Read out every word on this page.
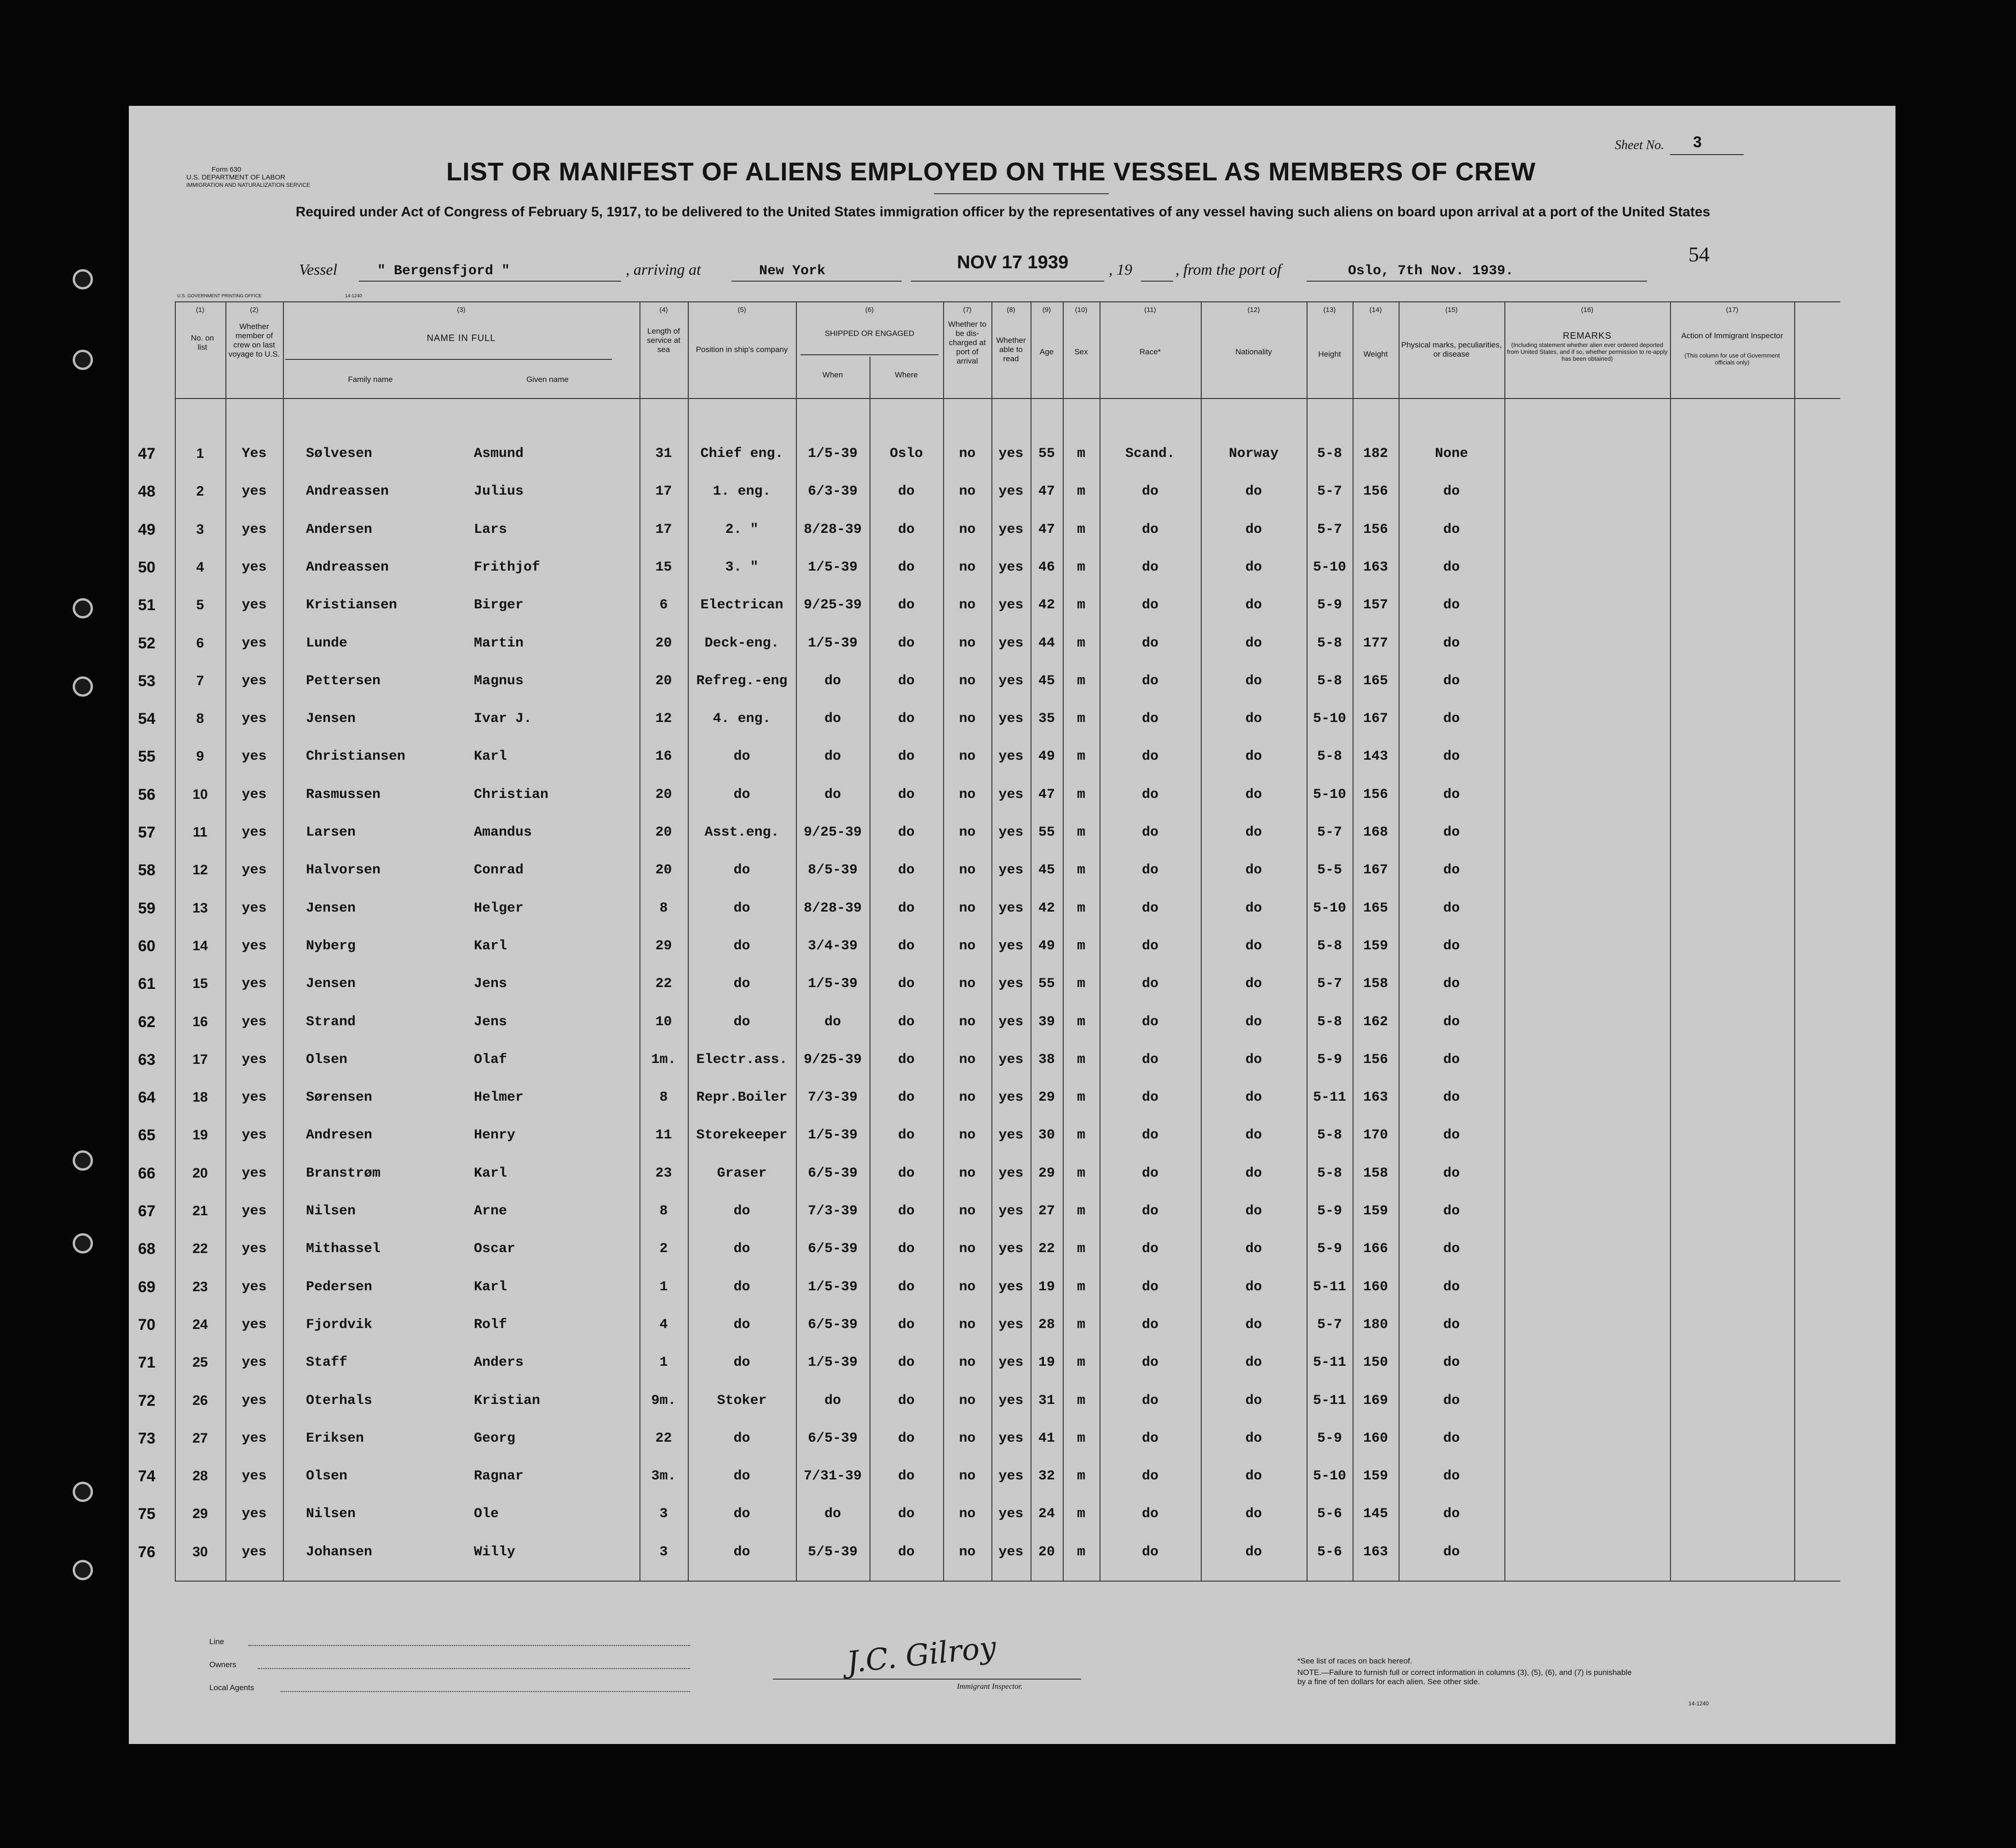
Form 630
U.S. DEPARTMENT OF LABOR
IMMIGRATION AND NATURALIZATION SERVICE
Sheet No. 3
LIST OR MANIFEST OF ALIENS EMPLOYED ON THE VESSEL AS MEMBERS OF CREW
Required under Act of Congress of February 5, 1917, to be delivered to the United States immigration officer by the representatives of any vessel having such aliens on board upon arrival at a port of the United States
54
Vessel	" Bergensfjord "	, arriving at	New York	NOV 17 1939	, 19	, from the port of	Oslo, 7th Nov. 1939.
U.S. GOVERNMENT PRINTING OFFICE	14-1240
(1)	(2)	(3)	(4)	(5)	(6)	(7)	(8)	(9)	(10)	(11)	(12)	(13)	(14)	(15)	(16)	(17)
No. on list
Whether member of crew on last voyage to U.S.
NAME IN FULL
Family name	Given name
Length of service at sea	Position in ship's company
SHIPPED OR ENGAGED
When	Where
Whether to be dis-charged at port of arrival
Whether able to read
Age	Sex	Race*	Nationality	Height	Weight
Physical marks, peculiarities, or disease
REMARKS
(Including statement whether alien ever ordered deported from United States, and if so, whether permission to re-apply has been obtained)
Action of Immigrant Inspector
(This column for use of Government officials only)
47	1	Yes	Sølvesen	Asmund	31	Chief eng.	1/5-39	Oslo	no	yes	55	m	Scand.	Norway	5-8	182	None
48	2	yes	Andreassen	Julius	17	1. eng.	6/3-39	do	no	yes	47	m	do	do	5-7	156	do
49	3	yes	Andersen	Lars	17	2. "	8/28-39	do	no	yes	47	m	do	do	5-7	156	do
50	4	yes	Andreassen	Frithjof	15	3. "	1/5-39	do	no	yes	46	m	do	do	5-10	163	do
51	5	yes	Kristiansen	Birger	6	Electrican	9/25-39	do	no	yes	42	m	do	do	5-9	157	do
52	6	yes	Lunde	Martin	20	Deck-eng.	1/5-39	do	no	yes	44	m	do	do	5-8	177	do
53	7	yes	Pettersen	Magnus	20	Refreg.-eng	do	do	no	yes	45	m	do	do	5-8	165	do
54	8	yes	Jensen	Ivar J.	12	4. eng.	do	do	no	yes	35	m	do	do	5-10	167	do
55	9	yes	Christiansen	Karl	16	do	do	do	no	yes	49	m	do	do	5-8	143	do
56	10	yes	Rasmussen	Christian	20	do	do	do	no	yes	47	m	do	do	5-10	156	do
57	11	yes	Larsen	Amandus	20	Asst.eng.	9/25-39	do	no	yes	55	m	do	do	5-7	168	do
58	12	yes	Halvorsen	Conrad	20	do	8/5-39	do	no	yes	45	m	do	do	5-5	167	do
59	13	yes	Jensen	Helger	8	do	8/28-39	do	no	yes	42	m	do	do	5-10	165	do
60	14	yes	Nyberg	Karl	29	do	3/4-39	do	no	yes	49	m	do	do	5-8	159	do
61	15	yes	Jensen	Jens	22	do	1/5-39	do	no	yes	55	m	do	do	5-7	158	do
62	16	yes	Strand	Jens	10	do	do	do	no	yes	39	m	do	do	5-8	162	do
63	17	yes	Olsen	Olaf	1m.	Electr.ass.	9/25-39	do	no	yes	38	m	do	do	5-9	156	do
64	18	yes	Sørensen	Helmer	8	Repr.Boiler	7/3-39	do	no	yes	29	m	do	do	5-11	163	do
65	19	yes	Andresen	Henry	11	Storekeeper	1/5-39	do	no	yes	30	m	do	do	5-8	170	do
66	20	yes	Branstrøm	Karl	23	Graser	6/5-39	do	no	yes	29	m	do	do	5-8	158	do
67	21	yes	Nilsen	Arne	8	do	7/3-39	do	no	yes	27	m	do	do	5-9	159	do
68	22	yes	Mithassel	Oscar	2	do	6/5-39	do	no	yes	22	m	do	do	5-9	166	do
69	23	yes	Pedersen	Karl	1	do	1/5-39	do	no	yes	19	m	do	do	5-11	160	do
70	24	yes	Fjordvik	Rolf	4	do	6/5-39	do	no	yes	28	m	do	do	5-7	180	do
71	25	yes	Staff	Anders	1	do	1/5-39	do	no	yes	19	m	do	do	5-11	150	do
72	26	yes	Oterhals	Kristian	9m.	Stoker	do	do	no	yes	31	m	do	do	5-11	169	do
73	27	yes	Eriksen	Georg	22	do	6/5-39	do	no	yes	41	m	do	do	5-9	160	do
74	28	yes	Olsen	Ragnar	3m.	do	7/31-39	do	no	yes	32	m	do	do	5-10	159	do
75	29	yes	Nilsen	Ole	3	do	do	do	no	yes	24	m	do	do	5-6	145	do
76	30	yes	Johansen	Willy	3	do	5/5-39	do	no	yes	20	m	do	do	5-6	163	do
Line
Owners
Local Agents
J.C. Gilroy
Immigrant Inspector.
*See list of races on back hereof.
NOTE.—Failure to furnish full or correct information in columns (3), (5), (6), and (7) is punishable by a fine of ten dollars for each alien. See other side.
14-1240
